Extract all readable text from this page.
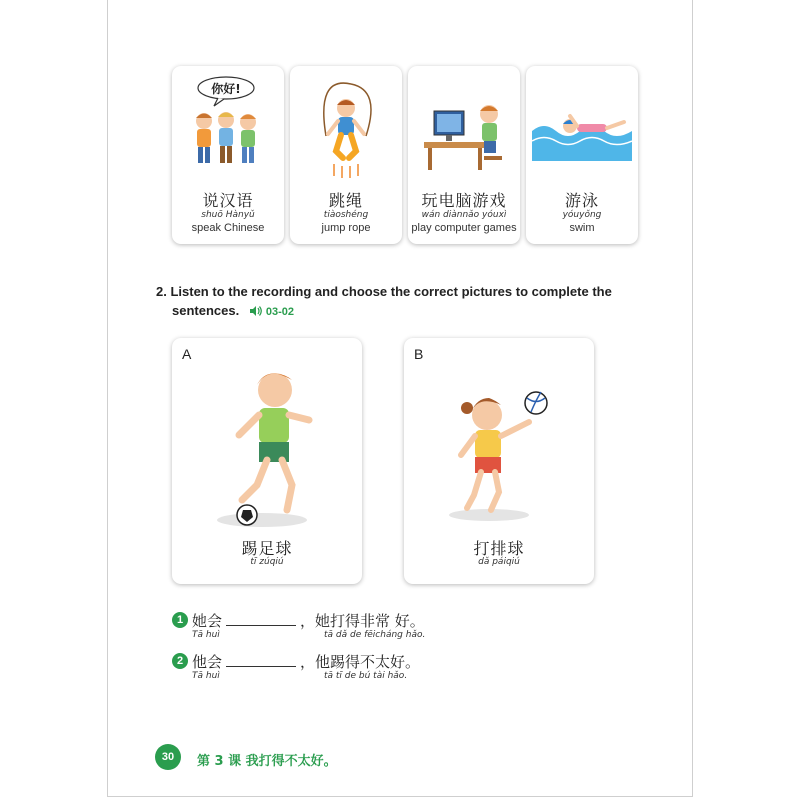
你好!
说汉语
shuō Hànyǔ
speak Chinese
跳绳
tiàoshéng
jump rope
玩电脑游戏
wán diànnǎo yóuxì
play computer games
游泳
yóuyǒng
swim
2. Listen to the recording and choose the correct pictures to complete the
sentences. 03-02
A
踢足球
tī zúqiú
B
打排球
dǎ páiqiú
1 她会	，她打得非常 好。
Tā huì	tā dǎ de fēicháng hǎo.
2 他会	，他踢得不太好。
Tā huì	tā tī de bú tài hǎo.
30	第 3 课 我打得不太好。
